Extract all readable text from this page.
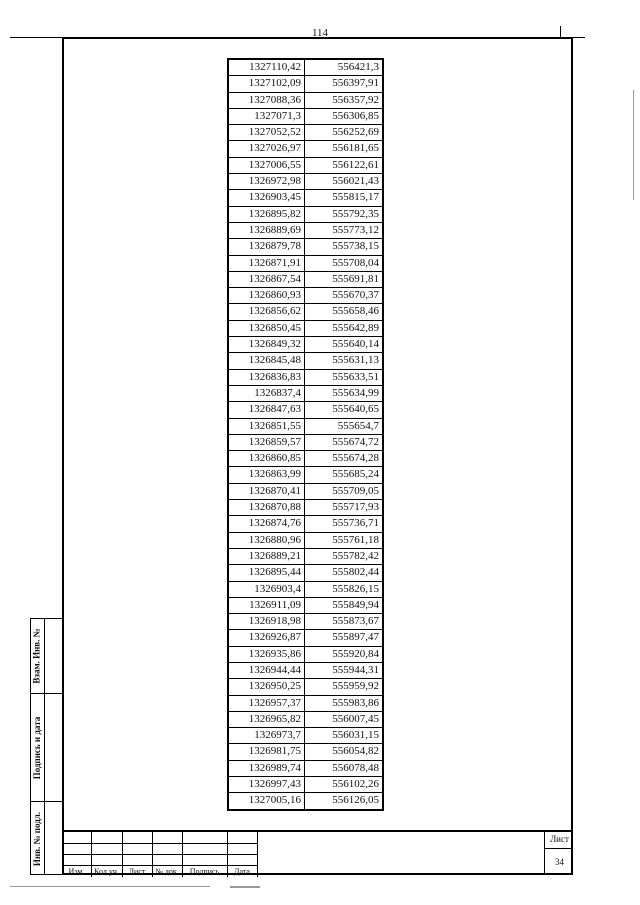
114
1327110,42	556421,3
1327102,09	556397,91
1327088,36	556357,92
1327071,3	556306,85
1327052,52	556252,69
1327026,97	556181,65
1327006,55	556122,61
1326972,98	556021,43
1326903,45	555815,17
1326895,82	555792,35
1326889,69	555773,12
1326879,78	555738,15
1326871,91	555708,04
1326867,54	555691,81
1326860,93	555670,37
1326856,62	555658,46
1326850,45	555642,89
1326849,32	555640,14
1326845,48	555631,13
1326836,83	555633,51
1326837,4	555634,99
1326847,63	555640,65
1326851,55	555654,7
1326859,57	555674,72
1326860,85	555674,28
1326863,99	555685,24
1326870,41	555709,05
1326870,88	555717,93
1326874,76	555736,71
1326880,96	555761,18
1326889,21	555782,42
1326895,44	555802,44
1326903,4	555826,15
1326911,09	555849,94
1326918,98	555873,67
1326926,87	555897,47
1326935,86	555920,84
1326944,44	555944,31
1326950,25	555959,92
1326957,37	555983,86
1326965,82	556007,45
1326973,7	556031,15
1326981,75	556054,82
1326989,74	556078,48
1326997,43	556102,26
1327005,16	556126,05
Взам. Инв. №
Подпись и дата
Инв. № подл.
Изм.	Кол.уч.	Лист	№ док.	Подпись	Дата
Лист
34
